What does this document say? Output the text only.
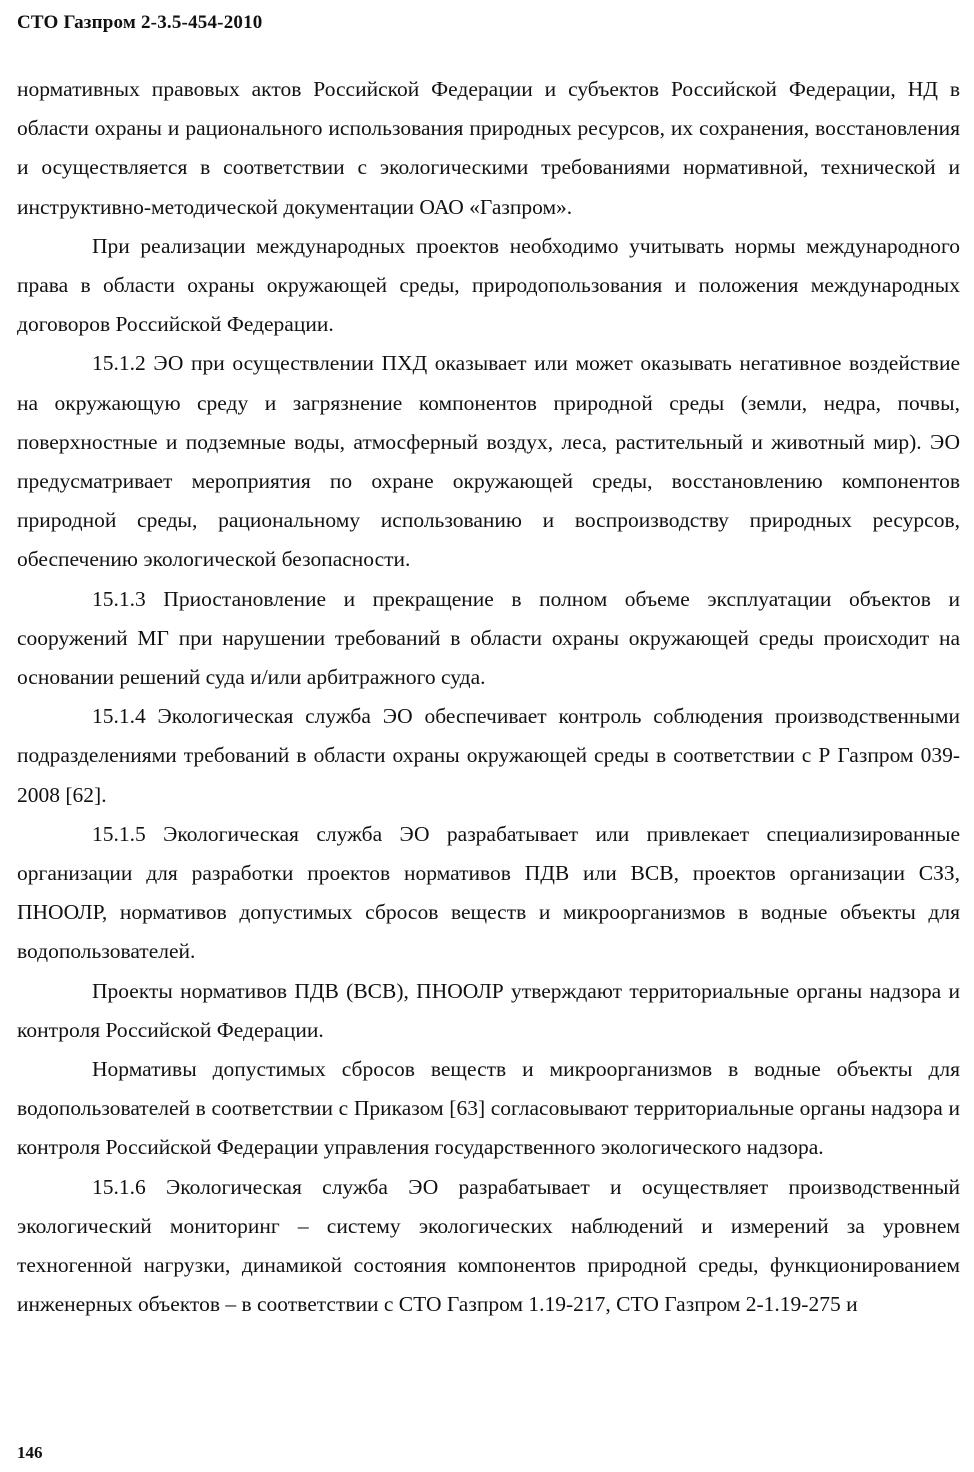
СТО Газпром 2-3.5-454-2010

нормативных правовых актов Российской Федерации и субъектов Российской Федерации, НД в области охраны и рационального использования природных ресурсов, их сохранения, восстановления и осуществляется в соответствии с экологическими требованиями нормативной, технической и инструктивно-методической документации ОАО «Газпром».

При реализации международных проектов необходимо учитывать нормы международного права в области охраны окружающей среды, природопользования и положения международных договоров Российской Федерации.

15.1.2 ЭО при осуществлении ПХД оказывает или может оказывать негативное воздействие на окружающую среду и загрязнение компонентов природной среды (земли, недра, почвы, поверхностные и подземные воды, атмосферный воздух, леса, растительный и животный мир). ЭО предусматривает мероприятия по охране окружающей среды, восстановлению компонентов природной среды, рациональному использованию и воспроизводству природных ресурсов, обеспечению экологической безопасности.

15.1.3 Приостановление и прекращение в полном объеме эксплуатации объектов и сооружений МГ при нарушении требований в области охраны окружающей среды происходит на основании решений суда и/или арбитражного суда.

15.1.4 Экологическая служба ЭО обеспечивает контроль соблюдения производственными подразделениями требований в области охраны окружающей среды в соответствии с Р Газпром 039-2008 [62].

15.1.5 Экологическая служба ЭО разрабатывает или привлекает специализированные организации для разработки проектов нормативов ПДВ или ВСВ, проектов организации СЗЗ, ПНООЛР, нормативов допустимых сбросов веществ и микроорганизмов в водные объекты для водопользователей.

Проекты нормативов ПДВ (ВСВ), ПНООЛР утверждают территориальные органы надзора и контроля Российской Федерации.

Нормативы допустимых сбросов веществ и микроорганизмов в водные объекты для водопользователей в соответствии с Приказом [63] согласовывают территориальные органы надзора и контроля Российской Федерации управления государственного экологического надзора.

15.1.6 Экологическая служба ЭО разрабатывает и осуществляет производственный экологический мониторинг – систему экологических наблюдений и измерений за уровнем техногенной нагрузки, динамикой состояния компонентов природной среды, функционированием инженерных объектов – в соответствии с СТО Газпром 1.19-217, СТО Газпром 2-1.19-275 и

146
